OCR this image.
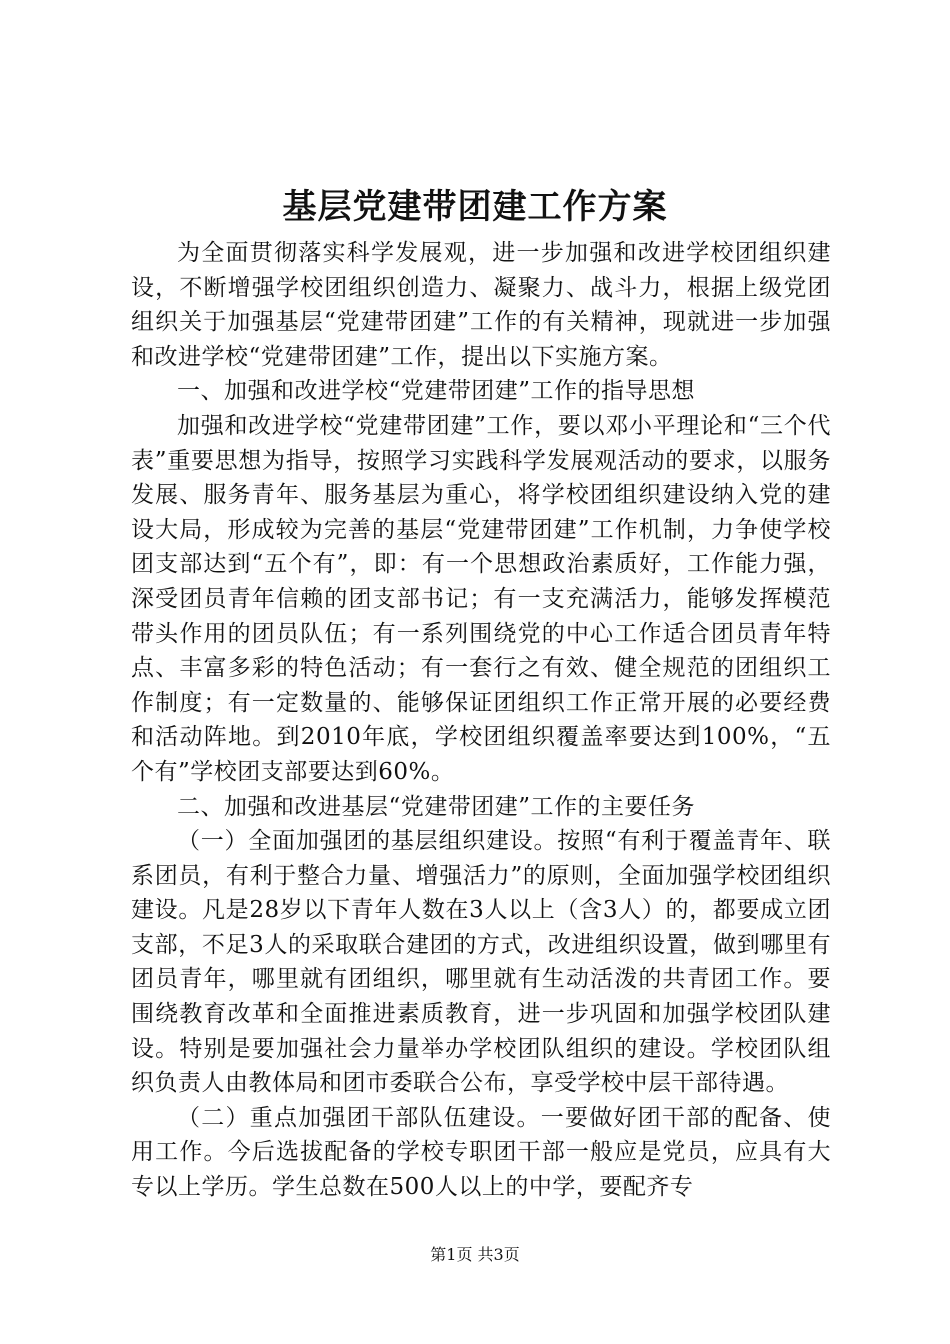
基层党建带团建工作方案

为全面贯彻落实科学发展观，进一步加强和改进学校团组织建设，不断增强学校团组织创造力、凝聚力、战斗力，根据上级党团组织关于加强基层“党建带团建”工作的有关精神，现就进一步加强和改进学校“党建带团建”工作，提出以下实施方案。

一、加强和改进学校“党建带团建”工作的指导思想

加强和改进学校“党建带团建”工作，要以邓小平理论和“三个代表”重要思想为指导，按照学习实践科学发展观活动的要求，以服务发展、服务青年、服务基层为重心，将学校团组织建设纳入党的建设大局，形成较为完善的基层“党建带团建”工作机制，力争使学校团支部达到“五个有”，即：有一个思想政治素质好，工作能力强，深受团员青年信赖的团支部书记；有一支充满活力，能够发挥模范带头作用的团员队伍；有一系列围绕党的中心工作适合团员青年特点、丰富多彩的特色活动；有一套行之有效、健全规范的团组织工作制度；有一定数量的、能够保证团组织工作正常开展的必要经费和活动阵地。到2010年底，学校团组织覆盖率要达到100%，“五个有”学校团支部要达到60%。

二、加强和改进基层“党建带团建”工作的主要任务

（一）全面加强团的基层组织建设。按照“有利于覆盖青年、联系团员，有利于整合力量、增强活力”的原则，全面加强学校团组织建设。凡是28岁以下青年人数在3人以上（含3人）的，都要成立团支部，不足3人的采取联合建团的方式，改进组织设置，做到哪里有团员青年，哪里就有团组织，哪里就有生动活泼的共青团工作。要围绕教育改革和全面推进素质教育，进一步巩固和加强学校团队建设。特别是要加强社会力量举办学校团队组织的建设。学校团队组织负责人由教体局和团市委联合公布，享受学校中层干部待遇。

（二）重点加强团干部队伍建设。一要做好团干部的配备、使用工作。今后选拔配备的学校专职团干部一般应是党员，应具有大专以上学历。学生总数在500人以上的中学，要配齐专

第1页 共3页
